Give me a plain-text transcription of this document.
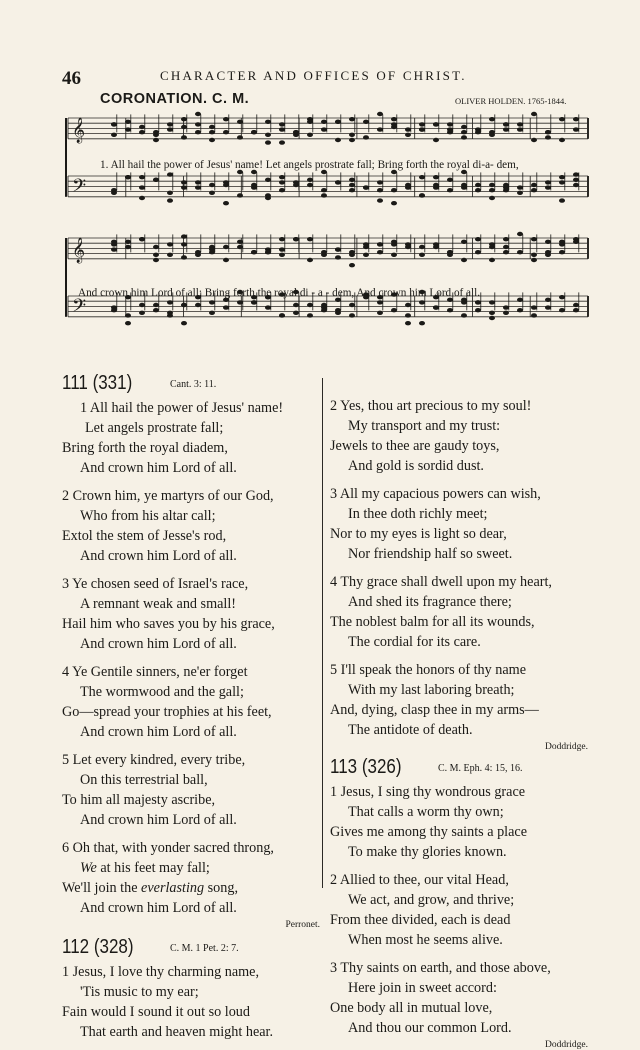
46	CHARACTER AND OFFICES OF CHRIST.
CORONATION. C. M.	OLIVER HOLDEN. 1765-1844.
𝄞
𝄢
𝄞
𝄢
1. All hail the power of Jesus' name! Let angels prostrate fall; Bring forth the royal di-a- dem,
And crown him Lord of all; Bring forth the royal di - a - dem, And crown him Lord of all.
111 (331)	Cant. 3: 11.
1 All hail the power of Jesus' name!
Let angels prostrate fall;
Bring forth the royal diadem,
And crown him Lord of all.
2 Crown him, ye martyrs of our God,
Who from his altar call;
Extol the stem of Jesse's rod,
And crown him Lord of all.
3 Ye chosen seed of Israel's race,
A remnant weak and small!
Hail him who saves you by his grace,
And crown him Lord of all.
4 Ye Gentile sinners, ne'er forget
The wormwood and the gall;
Go—spread your trophies at his feet,
And crown him Lord of all.
5 Let every kindred, every tribe,
On this terrestrial ball,
To him all majesty ascribe,
And crown him Lord of all.
6 Oh that, with yonder sacred throng,
We at his feet may fall;
We'll join the everlasting song,
And crown him Lord of all.
Perronet.
112 (328)	C. M. 1 Pet. 2: 7.
1 Jesus, I love thy charming name,
'Tis music to my ear;
Fain would I sound it out so loud
That earth and heaven might hear.
2 Yes, thou art precious to my soul!
My transport and my trust:
Jewels to thee are gaudy toys,
And gold is sordid dust.
3 All my capacious powers can wish,
In thee doth richly meet;
Nor to my eyes is light so dear,
Nor friendship half so sweet.
4 Thy grace shall dwell upon my heart,
And shed its fragrance there;
The noblest balm for all its wounds,
The cordial for its care.
5 I'll speak the honors of thy name
With my last laboring breath;
And, dying, clasp thee in my arms—
The antidote of death.
Doddridge.
113 (326)	C. M. Eph. 4: 15, 16.
1 Jesus, I sing thy wondrous grace
That calls a worm thy own;
Gives me among thy saints a place
To make thy glories known.
2 Allied to thee, our vital Head,
We act, and grow, and thrive;
From thee divided, each is dead
When most he seems alive.
3 Thy saints on earth, and those above,
Here join in sweet accord:
One body all in mutual love,
And thou our common Lord.
Doddridge.
